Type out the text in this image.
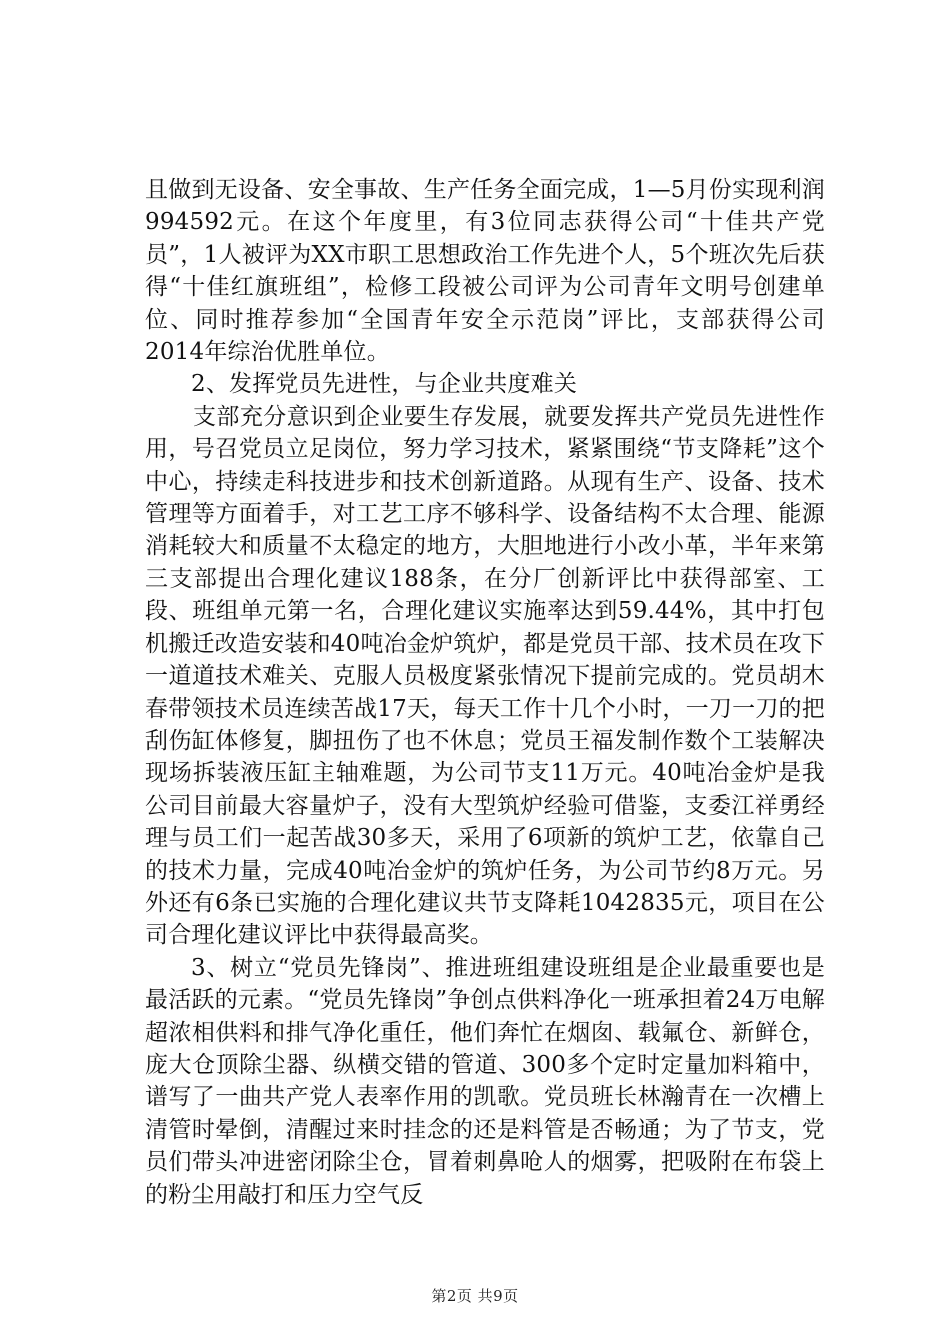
且做到无设备、安全事故、生产任务全面完成，1—5月份实现利润994592元。在这个年度里，有3位同志获得公司“十佳共产党员”，1人被评为XX市职工思想政治工作先进个人，5个班次先后获得“十佳红旗班组”，检修工段被公司评为公司青年文明号创建单位、同时推荐参加“全国青年安全示范岗”评比，支部获得公司2014年综治优胜单位。

2、发挥党员先进性，与企业共度难关

支部充分意识到企业要生存发展，就要发挥共产党员先进性作用，号召党员立足岗位，努力学习技术，紧紧围绕“节支降耗”这个中心，持续走科技进步和技术创新道路。从现有生产、设备、技术管理等方面着手，对工艺工序不够科学、设备结构不太合理、能源消耗较大和质量不太稳定的地方，大胆地进行小改小革，半年来第三支部提出合理化建议188条，在分厂创新评比中获得部室、工段、班组单元第一名，合理化建议实施率达到59.44%，其中打包机搬迁改造安装和40吨冶金炉筑炉，都是党员干部、技术员在攻下一道道技术难关、克服人员极度紧张情况下提前完成的。党员胡木春带领技术员连续苦战17天，每天工作十几个小时，一刀一刀的把刮伤缸体修复，脚扭伤了也不休息；党员王福发制作数个工装解决现场拆装液压缸主轴难题，为公司节支11万元。40吨冶金炉是我公司目前最大容量炉子，没有大型筑炉经验可借鉴，支委江祥勇经理与员工们一起苦战30多天，采用了6项新的筑炉工艺，依靠自己的技术力量，完成40吨冶金炉的筑炉任务，为公司节约8万元。另外还有6条已实施的合理化建议共节支降耗1042835元，项目在公司合理化建议评比中获得最高奖。

3、树立“党员先锋岗”、推进班组建设班组是企业最重要也是最活跃的元素。“党员先锋岗”争创点供料净化一班承担着24万电解超浓相供料和排气净化重任，他们奔忙在烟囱、载氟仓、新鲜仓，庞大仓顶除尘器、纵横交错的管道、300多个定时定量加料箱中，谱写了一曲共产党人表率作用的凯歌。党员班长林瀚青在一次槽上清管时晕倒，清醒过来时挂念的还是料管是否畅通；为了节支，党员们带头冲进密闭除尘仓，冒着刺鼻呛人的烟雾，把吸附在布袋上的粉尘用敲打和压力空气反

第2页 共9页
